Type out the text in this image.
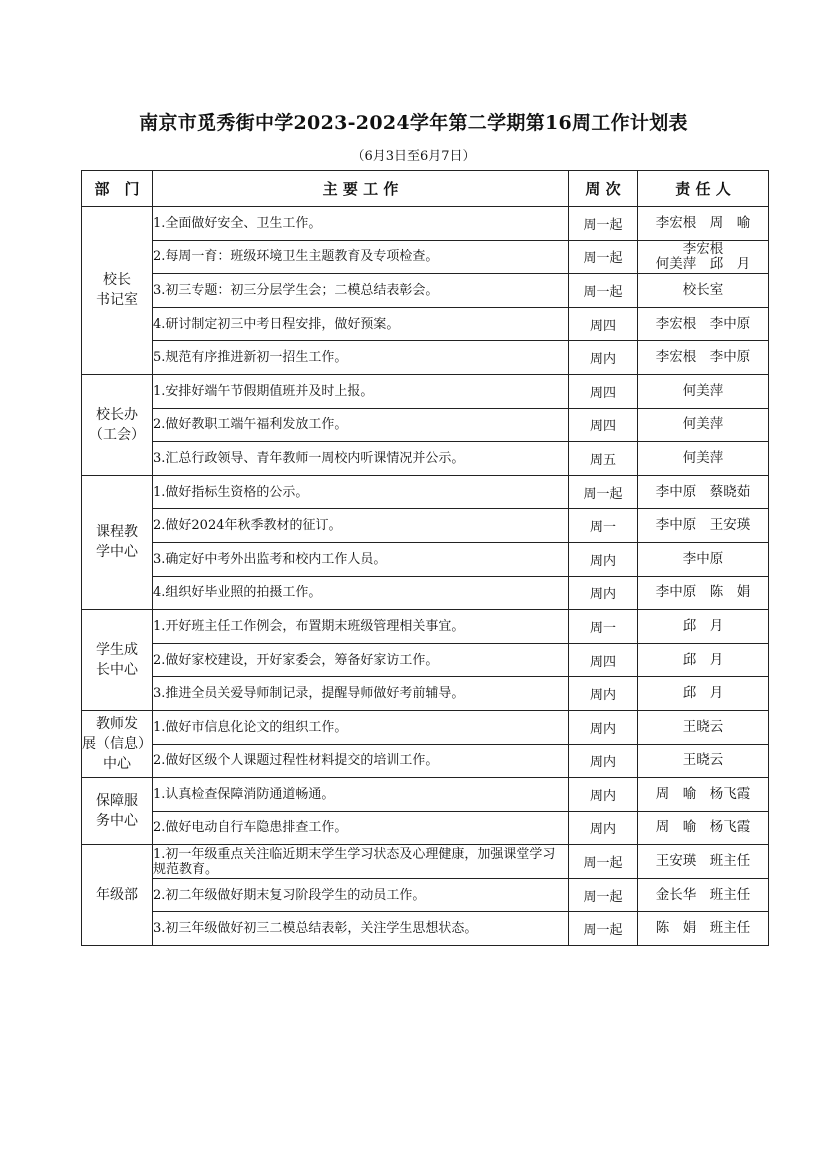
南京市觅秀街中学2023-2024学年第二学期第16周工作计划表

（6月3日至6月7日）

部　门	主 要 工 作	周 次	责 任 人

校长
书记室	1.全面做好安全、卫生工作。	周一起	李宏根　周　喻

	2.每周一育：班级环境卫生主题教育及专项检查。	周一起	李宏根
何美萍　邱　月

	3.初三专题：初三分层学生会；二模总结表彰会。	周一起	校长室

	4.研讨制定初三中考日程安排，做好预案。	周四	李宏根　李中原

	5.规范有序推进新初一招生工作。	周内	李宏根　李中原

校长办
（工会）	1.安排好端午节假期值班并及时上报。	周四	何美萍

	2.做好教职工端午福利发放工作。	周四	何美萍

	3.汇总行政领导、青年教师一周校内听课情况并公示。	周五	何美萍

课程教
学中心	1.做好指标生资格的公示。	周一起	李中原　蔡晓茹

	2.做好2024年秋季教材的征订。	周一	李中原　王安瑛

	3.确定好中考外出监考和校内工作人员。	周内	李中原

	4.组织好毕业照的拍摄工作。	周内	李中原　陈　娟

学生成
长中心	1.开好班主任工作例会，布置期末班级管理相关事宜。	周一	邱　月

	2.做好家校建设，开好家委会，筹备好家访工作。	周四	邱　月

	3.推进全员关爱导师制记录，提醒导师做好考前辅导。	周内	邱　月

教师发
展（信息）
中心	1.做好市信息化论文的组织工作。	周内	王晓云

	2.做好区级个人课题过程性材料提交的培训工作。	周内	王晓云

保障服
务中心	1.认真检查保障消防通道畅通。	周内	周　喻　杨飞霞

	2.做好电动自行车隐患排查工作。	周内	周　喻　杨飞霞

年级部	1.初一年级重点关注临近期末学生学习状态及心理健康，加强课堂学习规范教育。	周一起	王安瑛　班主任

	2.初二年级做好期末复习阶段学生的动员工作。	周一起	金长华　班主任

	3.初三年级做好初三二模总结表彰，关注学生思想状态。	周一起	陈　娟　班主任
